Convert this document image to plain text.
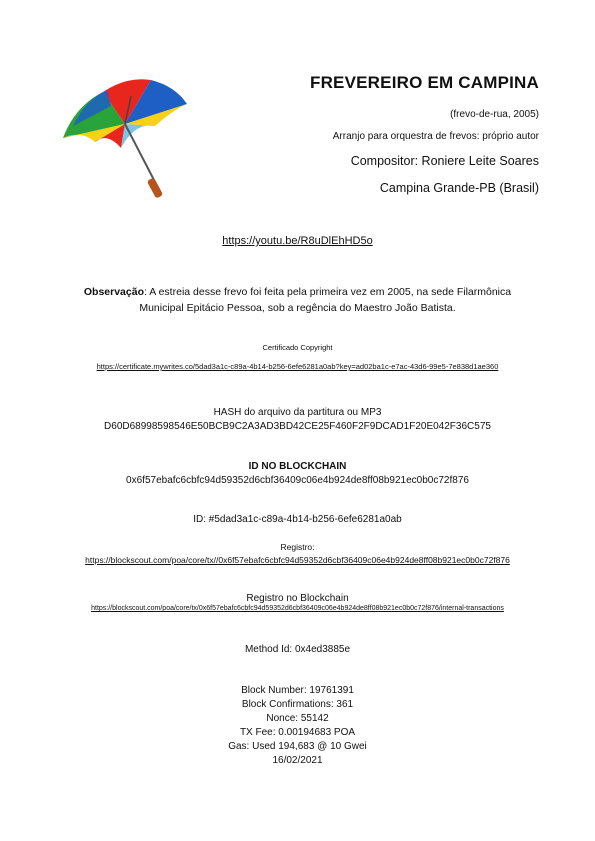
FREVEREIRO EM CAMPINA
(frevo-de-rua, 2005)
Arranjo para orquestra de frevos: próprio autor
Compositor: Roniere Leite Soares
Campina Grande-PB (Brasil)
https://youtu.be/R8uDlEhHD5o
Observação: A estreia desse frevo foi feita pela primeira vez em 2005, na sede Filarmônica Municipal Epitácio Pessoa, sob a regência do Maestro João Batista.
Certificado Copyright
https://certificate.mywrites.co/5dad3a1c-c89a-4b14-b256-6efe6281a0ab?key=ad02ba1c-e7ac-43d6-99e5-7e838d1ae360
HASH do arquivo da partitura ou MP3
D60D68998598546E50BCB9C2A3AD3BD42CE25F460F2F9DCAD1F20E042F36C575
ID NO BLOCKCHAIN
0x6f57ebafc6cbfc94d59352d6cbf36409c06e4b924de8ff08b921ec0b0c72f876
ID: #5dad3a1c-c89a-4b14-b256-6efe6281a0ab
Registro:
https://blockscout.com/poa/core/tx//0x6f57ebafc6cbfc94d59352d6cbf36409c06e4b924de8ff08b921ec0b0c72f876
Registro no Blockchain
https://blockscout.com/poa/core/tx/0x6f57ebafc6cbfc94d59352d6cbf36409c06e4b924de8ff08b921ec0b0c72f876/internal-transactions
Method Id: 0x4ed3885e
Block Number: 19761391
Block Confirmations: 361
Nonce: 55142
TX Fee: 0.00194683 POA
Gas: Used 194,683 @ 10 Gwei
16/02/2021
